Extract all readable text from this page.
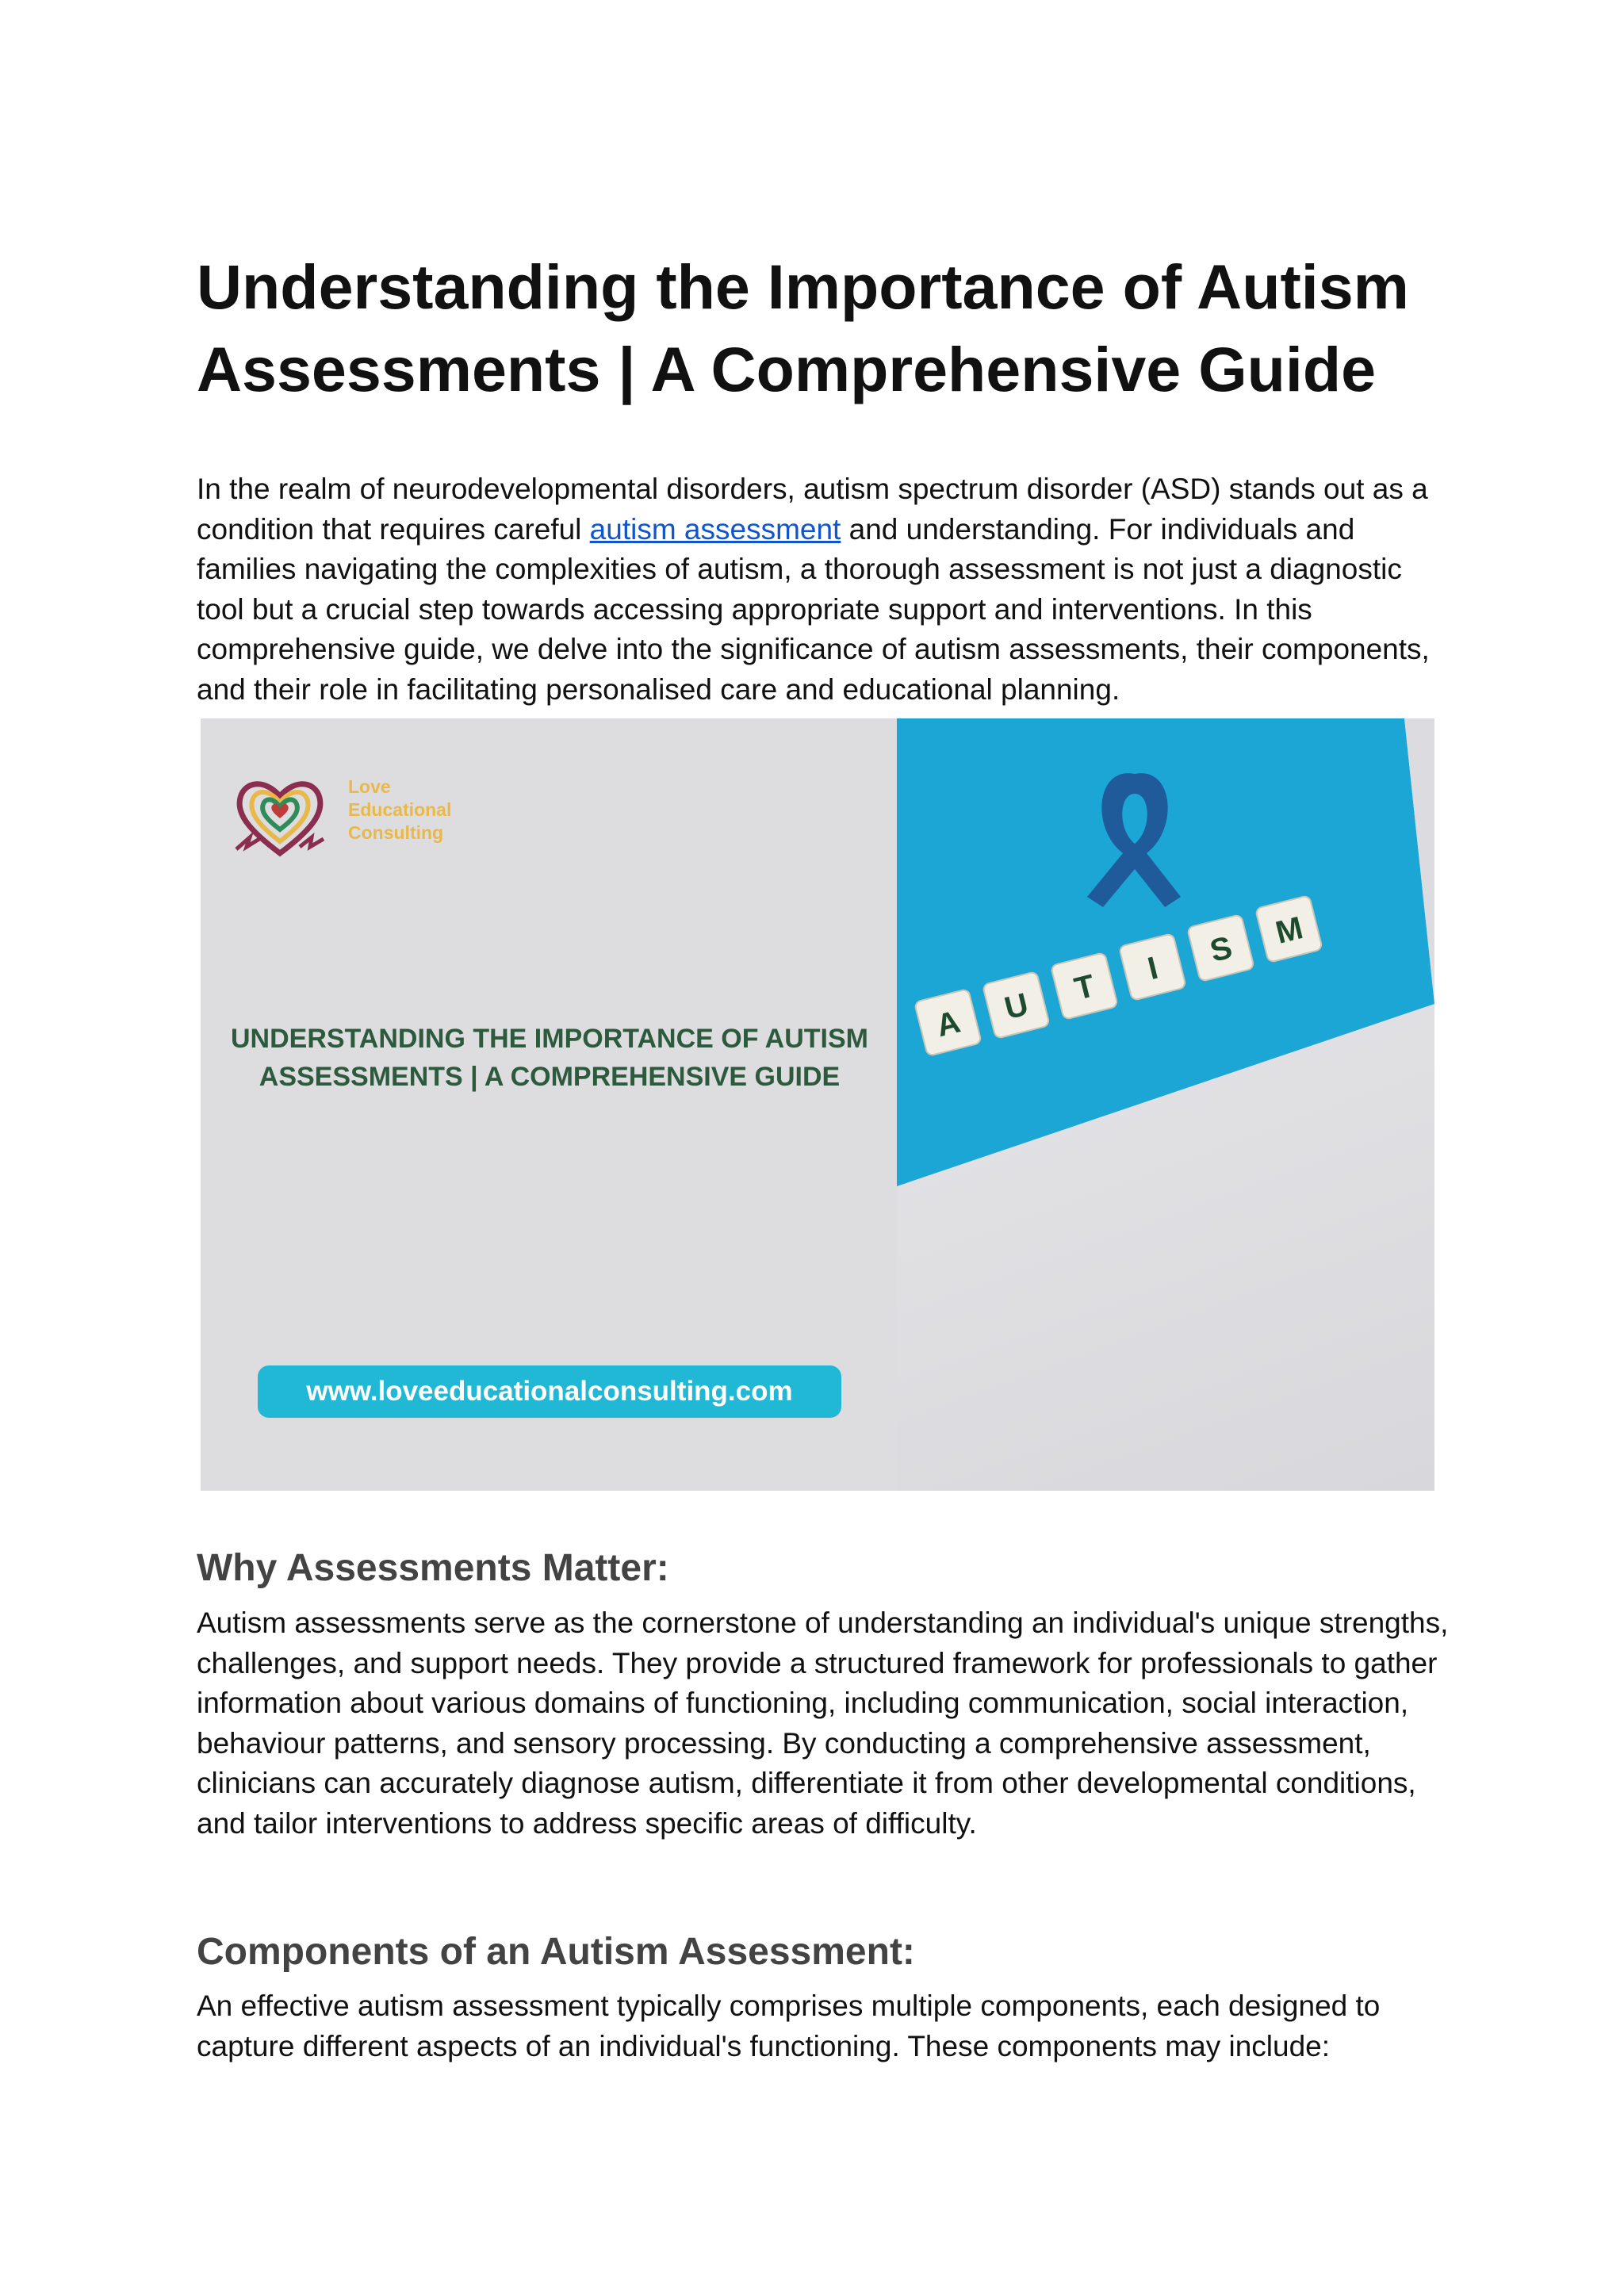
Understanding the Importance of Autism Assessments | A Comprehensive Guide

In the realm of neurodevelopmental disorders, autism spectrum disorder (ASD) stands out as a condition that requires careful autism assessment and understanding. For individuals and families navigating the complexities of autism, a thorough assessment is not just a diagnostic tool but a crucial step towards accessing appropriate support and interventions. In this comprehensive guide, we delve into the significance of autism assessments, their components, and their role in facilitating personalised care and educational planning.

Love
Educational
Consulting
UNDERSTANDING THE IMPORTANCE OF AUTISM ASSESSMENTS | A COMPREHENSIVE GUIDE
www.loveeducationalconsulting.com
A U T I S M
Why Assessments Matter:

Autism assessments serve as the cornerstone of understanding an individual's unique strengths, challenges, and support needs. They provide a structured framework for professionals to gather information about various domains of functioning, including communication, social interaction, behaviour patterns, and sensory processing. By conducting a comprehensive assessment, clinicians can accurately diagnose autism, differentiate it from other developmental conditions, and tailor interventions to address specific areas of difficulty.

Components of an Autism Assessment:

An effective autism assessment typically comprises multiple components, each designed to capture different aspects of an individual's functioning. These components may include:
